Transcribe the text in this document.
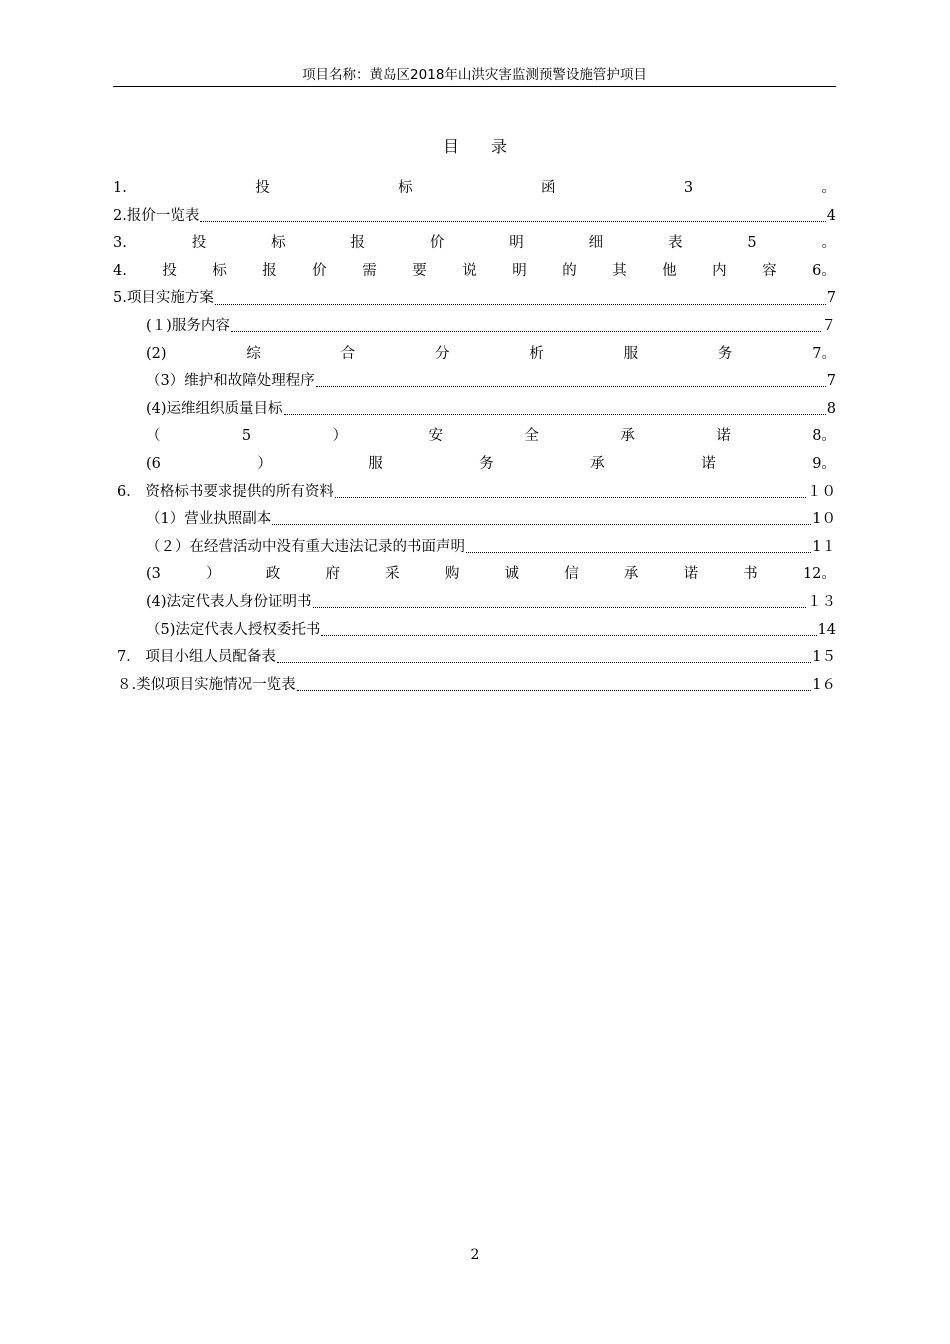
项目名称：黄岛区2018年山洪灾害监测预警设施管护项目
目录
1.	投	标	函	3	。
2.报价一览表	4
3.	投	标	报	价	明	细	表	5	。
4. 投 标 报 价 需 要 说 明 的 其 他 内 容 6。
5.项目实施方案	7
(１)服务内容	７
(2)	综	合	分	析	服	务	7。
（3）维护和故障处理程序	7
(4)运维组织质量目标	8
（	5	）	安	全	承	诺	8。
(6	）	服	务	承	诺	9。
6． 资格标书要求提供的所有资料	１０
（1）营业执照副本	1０
（２）在经营活动中没有重大违法记录的书面声明	1１
(3	）	政	府	采	购	诚	信	承	诺	书	12。
(4)法定代表人身份证明书	１３
（5)法定代表人授权委托书	14
7． 项目小组人员配备表	1５
８.类似项目实施情况一览表	1６
2
